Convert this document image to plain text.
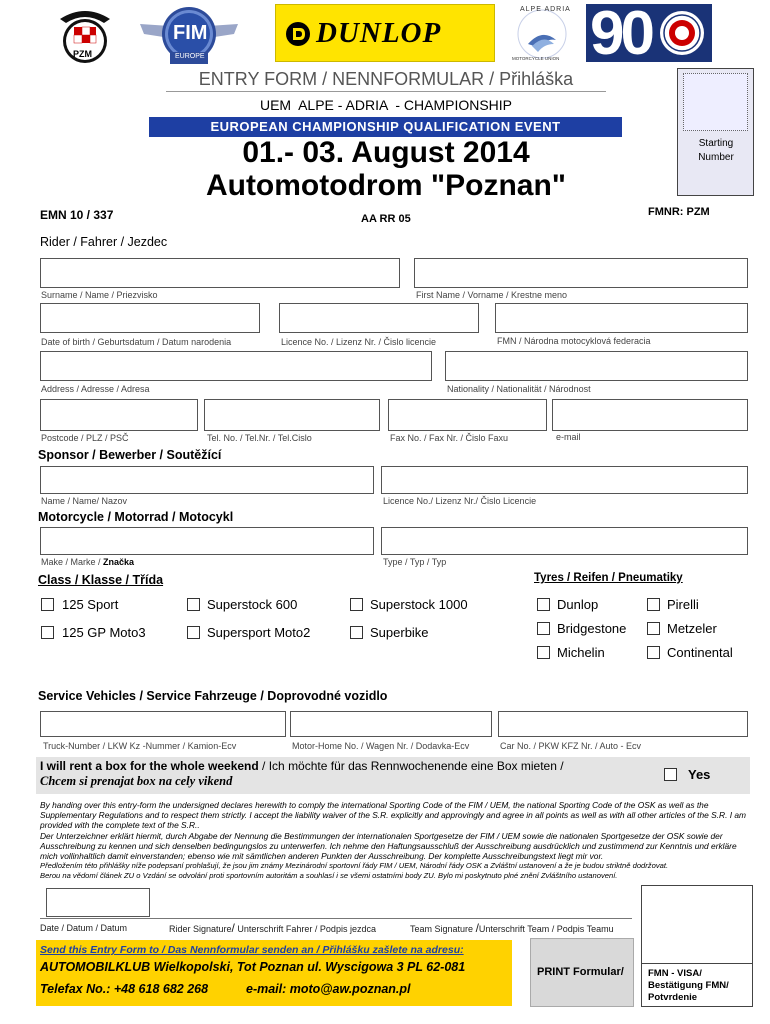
PZM
FIM
EUROPE
DUNLOP
ALPE ADRIA
MOTORCYCLE UNION 90
ENTRY FORM / NENNFORMULAR / Přihláška
UEM  ALPE - ADRIA  - CHAMPIONSHIP
EUROPEAN CHAMPIONSHIP QUALIFICATION EVENT
01.- 03. August 2014
Automotodrom "Poznan"
EMN 10 / 337	AA RR 05
FMNR: PZM
Starting Number
Rider / Fahrer / Jezdec
Surname / Name / Priezvisko	First Name / Vorname / Krestne meno
Date of birth / Geburtsdatum / Datum narodenia	Licence No. / Lizenz Nr. / Čislo licencie	FMN / Národna motocyklová federacia
Address / Adresse / Adresa	Nationality / Nationalität / Národnost
Postcode / PLZ / PSČ	Tel. No. / Tel.Nr. / Tel.Cislo	Fax No. / Fax Nr. / Čislo Faxu	e-mail
Sponsor / Bewerber / Soutěžící
Name / Name/ Nazov	Licence No./ Lizenz Nr./ Čislo Licencie
Motorcycle / Motorrad / Motocykl
Make / Marke / Značka	Type / Typ / Typ
Class / Klasse / Třída
125 Sport	Superstock 600	Superstock 1000
125 GP Moto3	Supersport Moto2	Superbike
Tyres / Reifen / Pneumatiky
Dunlop	Pirelli
Bridgestone	Metzeler
Michelin	Continental
Service Vehicles / Service Fahrzeuge / Doprovodné vozidlo
Truck-Number / LKW Kz -Nummer / Kamion-Ecv	Motor-Home No. / Wagen Nr. / Dodavka-Ecv	Car No. / PKW KFZ Nr. / Auto - Ecv
I will rent a box for the whole weekend / Ich möchte für das Rennwochenende eine Box mieten /
Chcem si prenajat box na cely vikend	Yes
By handing over this entry-form the undersigned declares herewith to comply the international Sporting Code of the FIM / UEM, the national Sporting Code of the OSK as well as the Supplementary Regulations and to respect them strictly. I accept the liability waiver of the S.R. explicitly and approvingly and agree in all points as well as with all other articles of the S.R. I am provided with the complete text of the S.R..
Der Unterzeichner erklärt hiermit, durch Abgabe der Nennung die Bestimmungen der internationalen Sportgesetze der FIM / UEM sowie die nationalen Sportgesetze der OSK sowie der Ausschreibung zu kennen und sich denselben bedingungslos zu unterwerfen. Ich nehme den Haftungsausschluß der Ausschreibung ausdrücklich und zustimmend zur Kenntnis und erkläre mich vollinhaltlich damit einverstanden; ebenso wie mit sämtlichen anderen Punkten der Ausschreibung. Der komplette Ausschreibungstext liegt mir vor.
Předložením této přihlášky níže podepsaní prohlašují, že jsou jim známy Mezinárodní sportovní řády FIM / UEM, Národní řády OSK a Zvláštní ustanovení a že je budou striktně dodržovat.
Berou na vědomí článek ZU o Vzdání se odvolání proti sportovním autoritám a souhlasí i se všemi ostatními body ZU. Bylo mi poskytnuto plné znění Zvláštního ustanovení.
Date / Datum / Datum	Rider Signature/ Unterschrift Fahrer / Podpis jezdca	Team Signature /Unterschrift Team / Podpis Teamu
Send this Entry Form to / Das Nennformular senden an / Přihlášku zašlete na adresu:
AUTOMOBILKLUB Wielkopolski, Tot Poznan ul. Wyscigowa 3 PL 62-081
Telefax No.: +48 618 682 268	e-mail: moto@aw.poznan.pl
PRINT Formular/	FMN - VISA/
Bestätigung FMN/
Potvrdenie
